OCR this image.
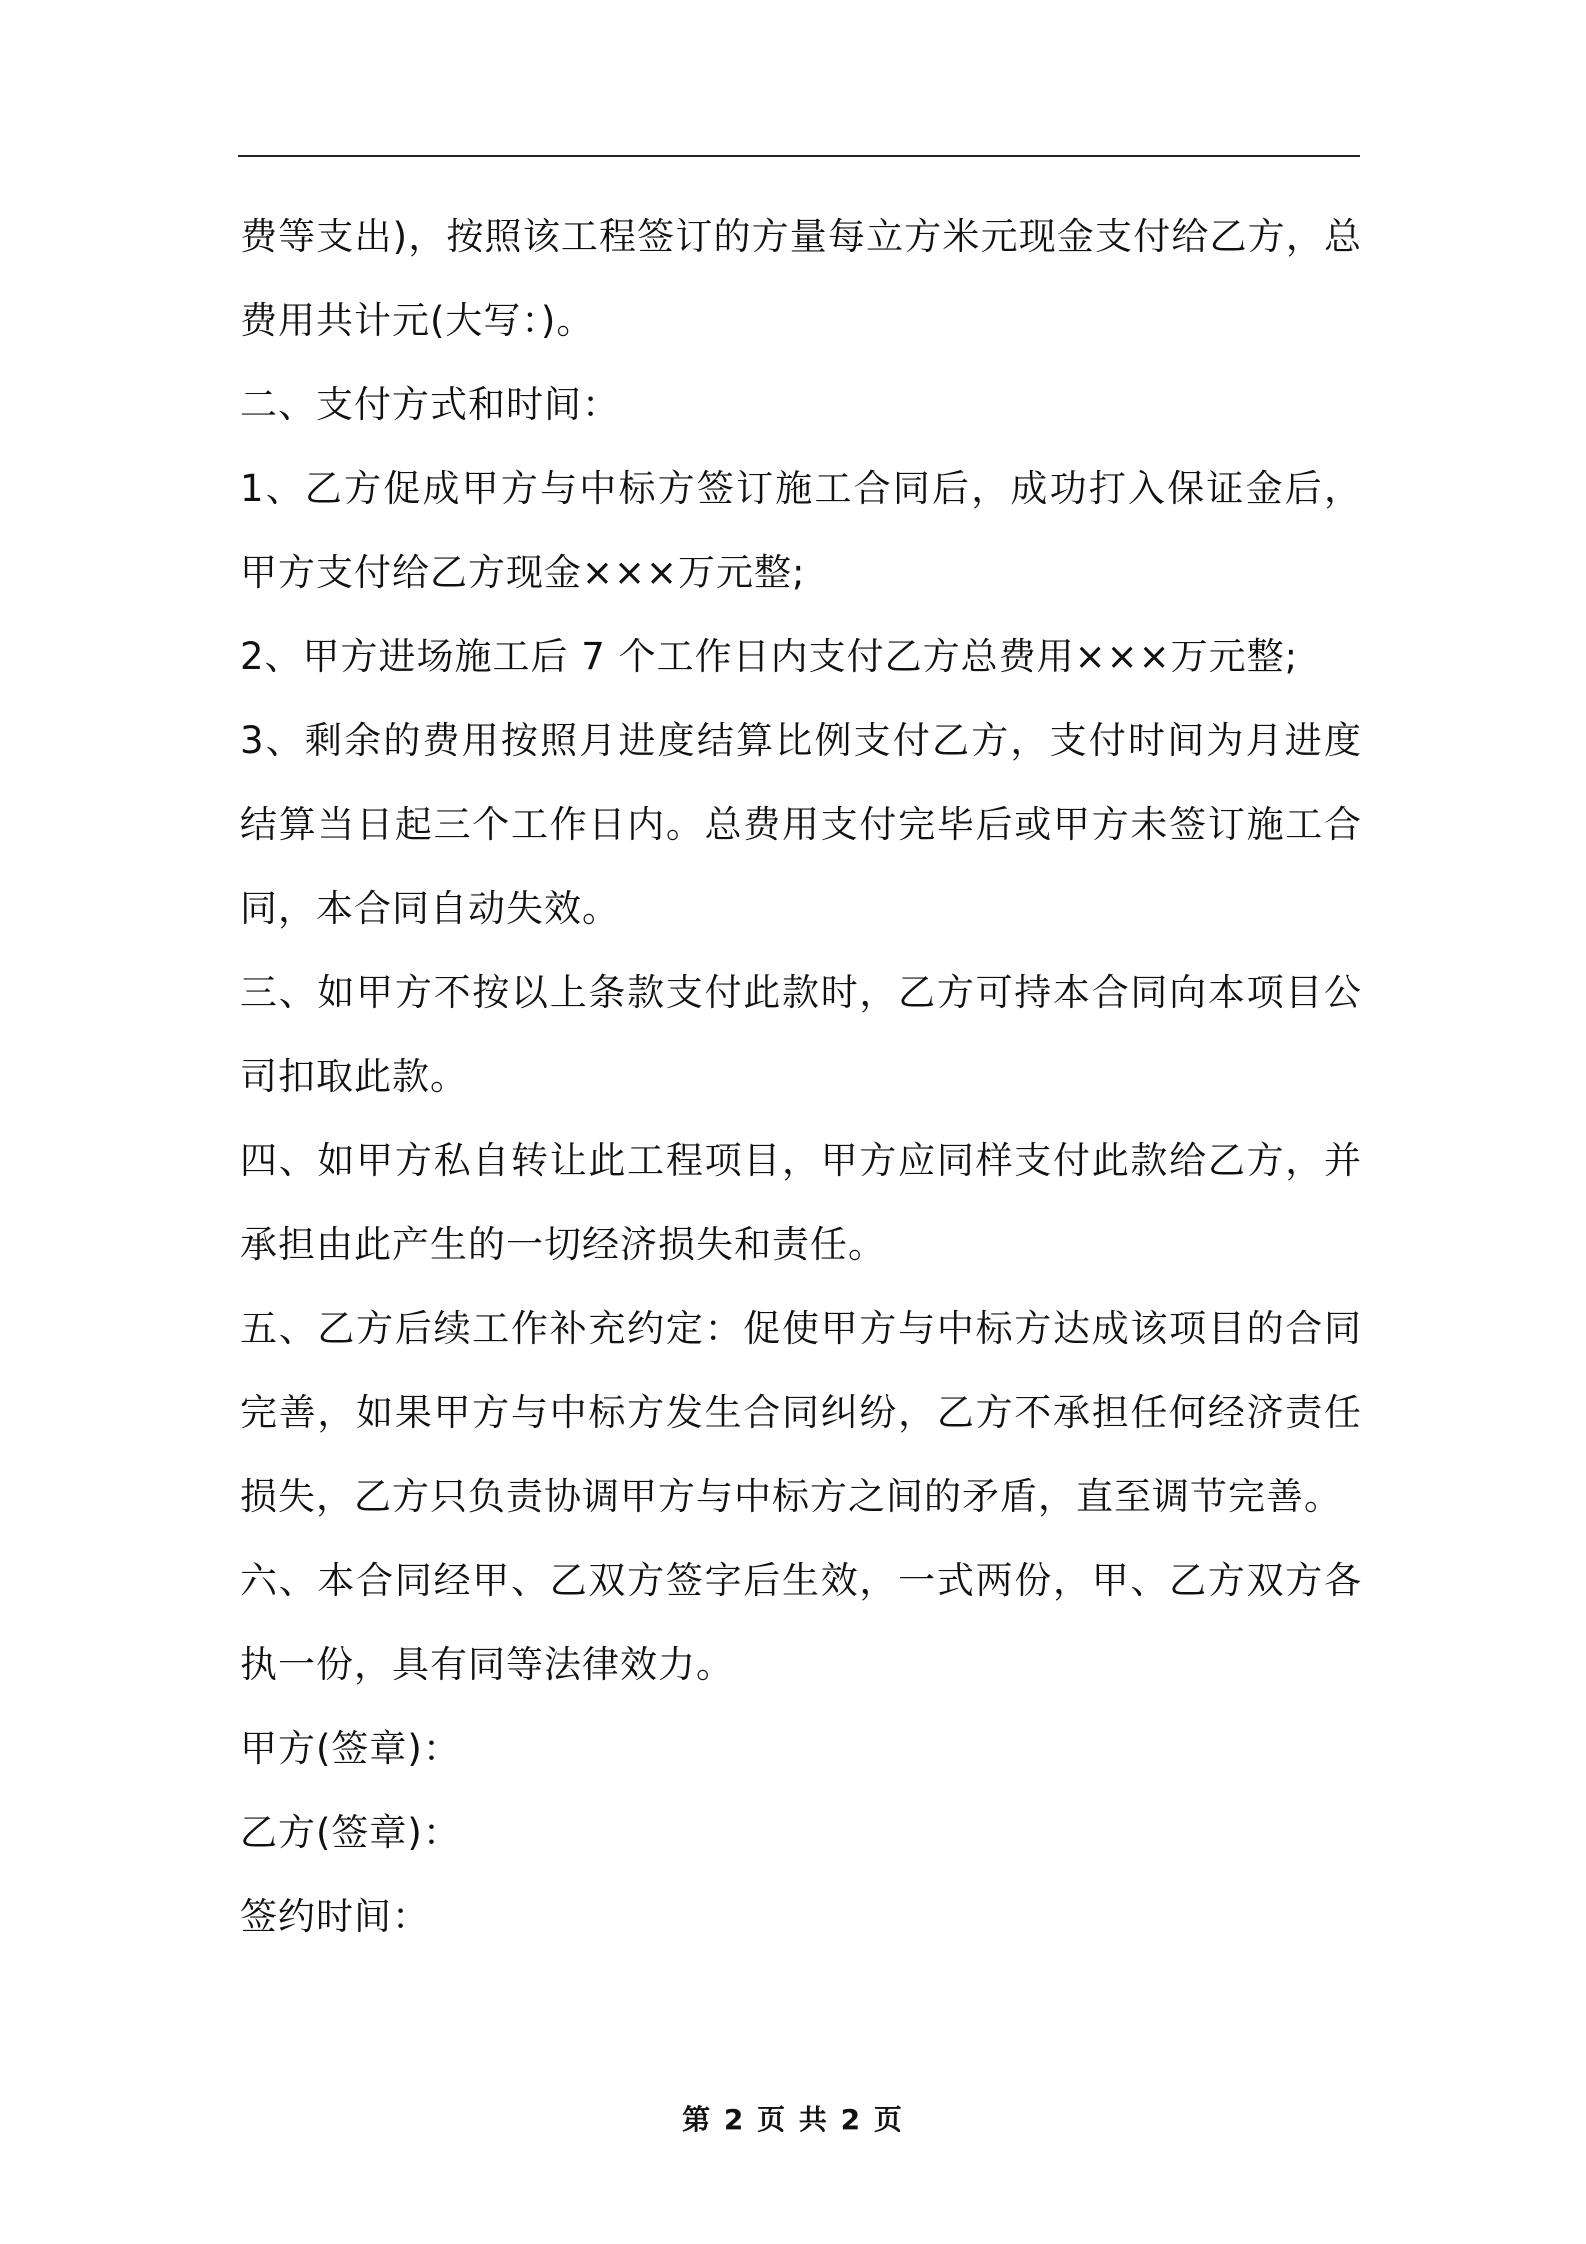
费等支出)，按照该工程签订的方量每立方米元现金支付给乙方，总费用共计元(大写：)。

二、支付方式和时间：

1、乙方促成甲方与中标方签订施工合同后，成功打入保证金后，甲方支付给乙方现金×××万元整;

2、甲方进场施工后 7 个工作日内支付乙方总费用×××万元整;

3、剩余的费用按照月进度结算比例支付乙方，支付时间为月进度结算当日起三个工作日内。总费用支付完毕后或甲方未签订施工合同，本合同自动失效。

三、如甲方不按以上条款支付此款时，乙方可持本合同向本项目公司扣取此款。

四、如甲方私自转让此工程项目，甲方应同样支付此款给乙方，并承担由此产生的一切经济损失和责任。

五、乙方后续工作补充约定：促使甲方与中标方达成该项目的合同完善，如果甲方与中标方发生合同纠纷，乙方不承担任何经济责任损失，乙方只负责协调甲方与中标方之间的矛盾，直至调节完善。

六、本合同经甲、乙双方签字后生效，一式两份，甲、乙方双方各执一份，具有同等法律效力。

甲方(签章)：

乙方(签章)：

签约时间：

第 2 页 共 2 页
